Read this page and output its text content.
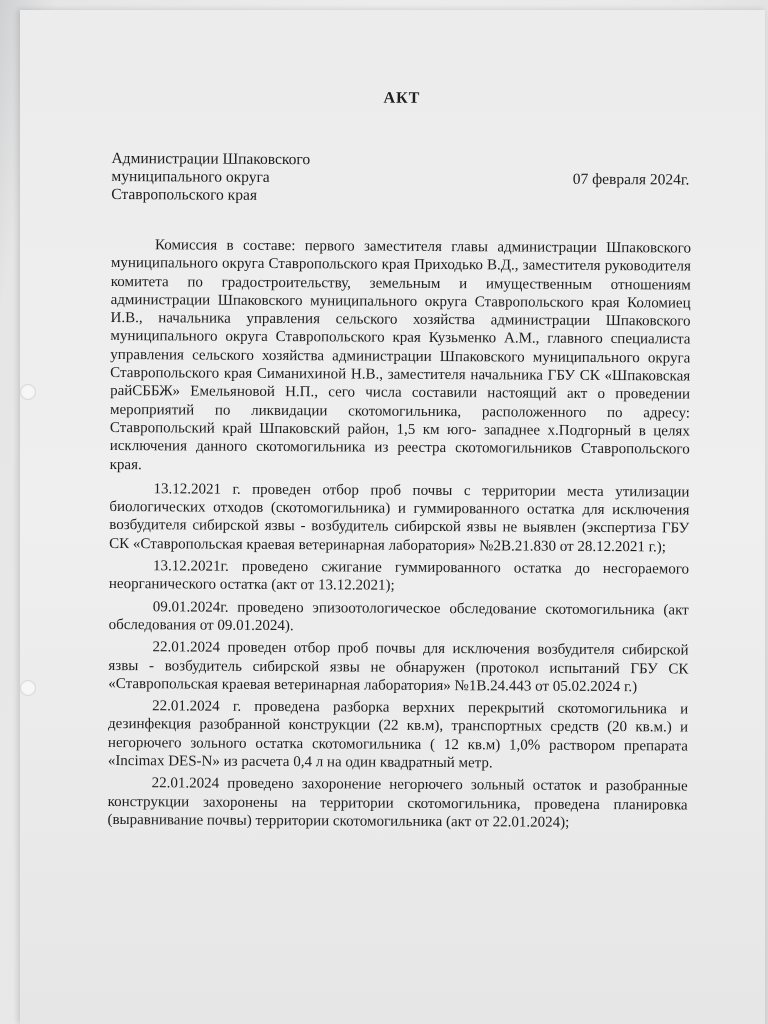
АКТ
Администрации Шпаковского
муниципального округа
Ставропольского края
07 февраля 2024г.

Комиссия в составе: первого заместителя главы администрации Шпаковского муниципального округа Ставропольского края Приходько В.Д., заместителя руководителя комитета по градостроительству, земельным и имущественным отношениям администрации Шпаковского муниципального округа Ставропольского края Коломиец И.В., начальника управления сельского хозяйства администрации Шпаковского муниципального округа Ставропольского края Кузьменко А.М., главного специалиста управления сельского хозяйства администрации Шпаковского муниципального округа Ставропольского края Симанихиной Н.В., заместителя начальника ГБУ СК «Шпаковская райСББЖ» Емельяновой Н.П., сего числа составили настоящий акт о проведении мероприятий по ликвидации скотомогильника, расположенного по адресу: Ставропольский край Шпаковский район, 1,5 км юго- западнее х.Подгорный в целях исключения данного скотомогильника из реестра скотомогильников Ставропольского края.

13.12.2021 г. проведен отбор проб почвы с территории места утилизации биологических отходов (скотомогильника) и гуммированного остатка для исключения возбудителя сибирской язвы - возбудитель сибирской язвы не выявлен (экспертиза ГБУ СК «Ставропольская краевая ветеринарная лаборатория» №2В.21.830 от 28.12.2021 г.);

13.12.2021г. проведено сжигание гуммированного остатка до несгораемого неорганического остатка (акт от 13.12.2021);

09.01.2024г. проведено эпизоотологическое обследование скотомогильника (акт обследования от 09.01.2024).

22.01.2024 проведен отбор проб почвы для исключения возбудителя сибирской язвы - возбудитель сибирской язвы не обнаружен (протокол испытаний ГБУ СК «Ставропольская краевая ветеринарная лаборатория» №1В.24.443 от 05.02.2024 г.)

22.01.2024 г. проведена разборка верхних перекрытий скотомогильника и дезинфекция разобранной конструкции (22 кв.м), транспортных средств (20 кв.м.) и негорючего зольного остатка скотомогильника ( 12 кв.м) 1,0% раствором препарата «Incimax DES-N» из расчета 0,4 л на один квадратный метр.

22.01.2024 проведено захоронение негорючего зольный остаток и разобранные конструкции захоронены на территории скотомогильника, проведена планировка (выравнивание почвы) территории скотомогильника (акт от 22.01.2024);
